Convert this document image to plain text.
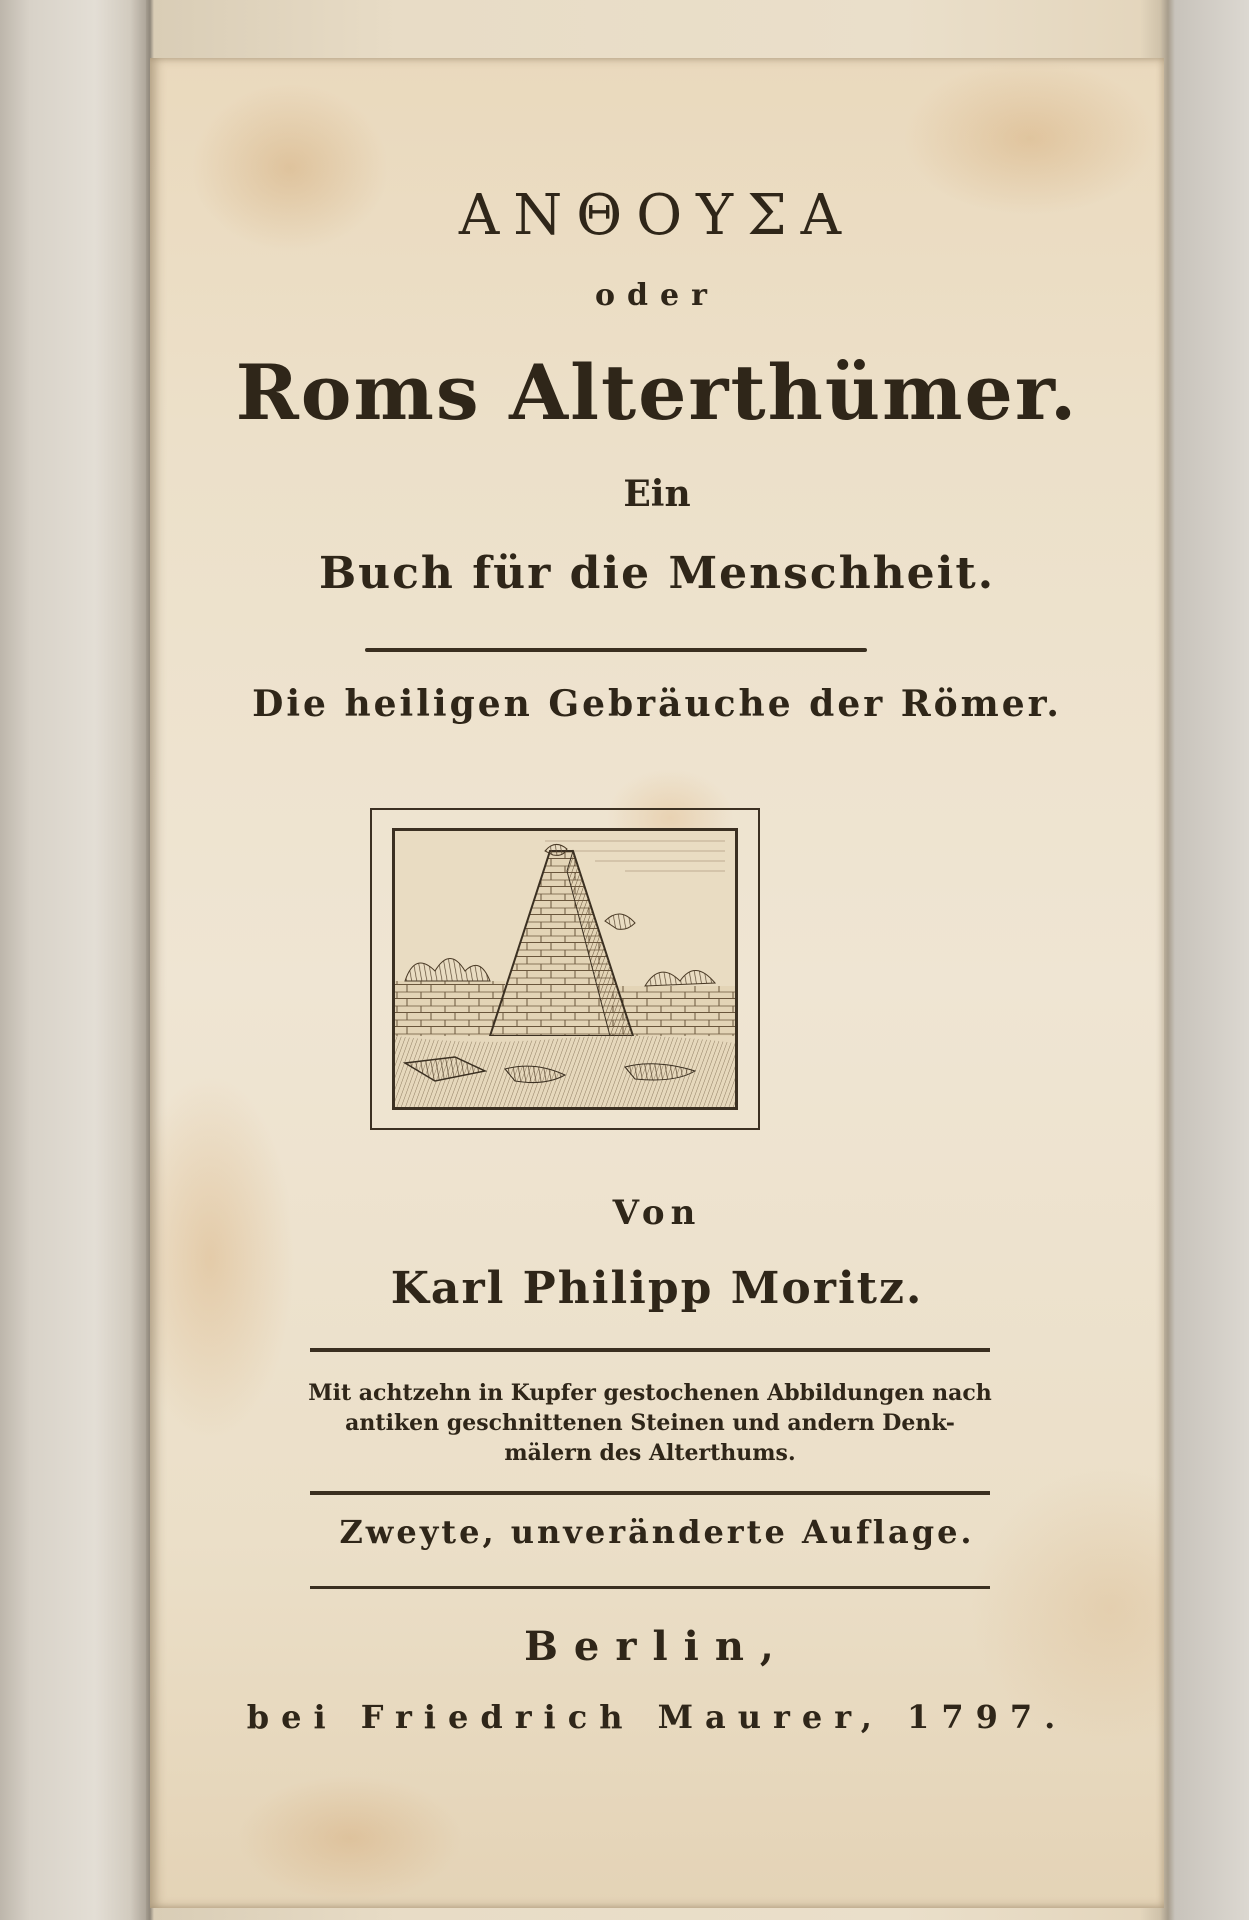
ΑΝΘΟΥΣΑ
oder
Roms Alterthümer.
Ein
Buch für die Menschheit.
Die heiligen Gebräuche der Römer.
Von
Karl Philipp Moritz.
Mit achtzehn in Kupfer gestochenen Abbildungen nach
antiken geschnittenen Steinen und andern Denk-
mälern des Alterthums.
Zweyte, unveränderte Auflage.
Berlin,
bei Friedrich Maurer, 1797.
